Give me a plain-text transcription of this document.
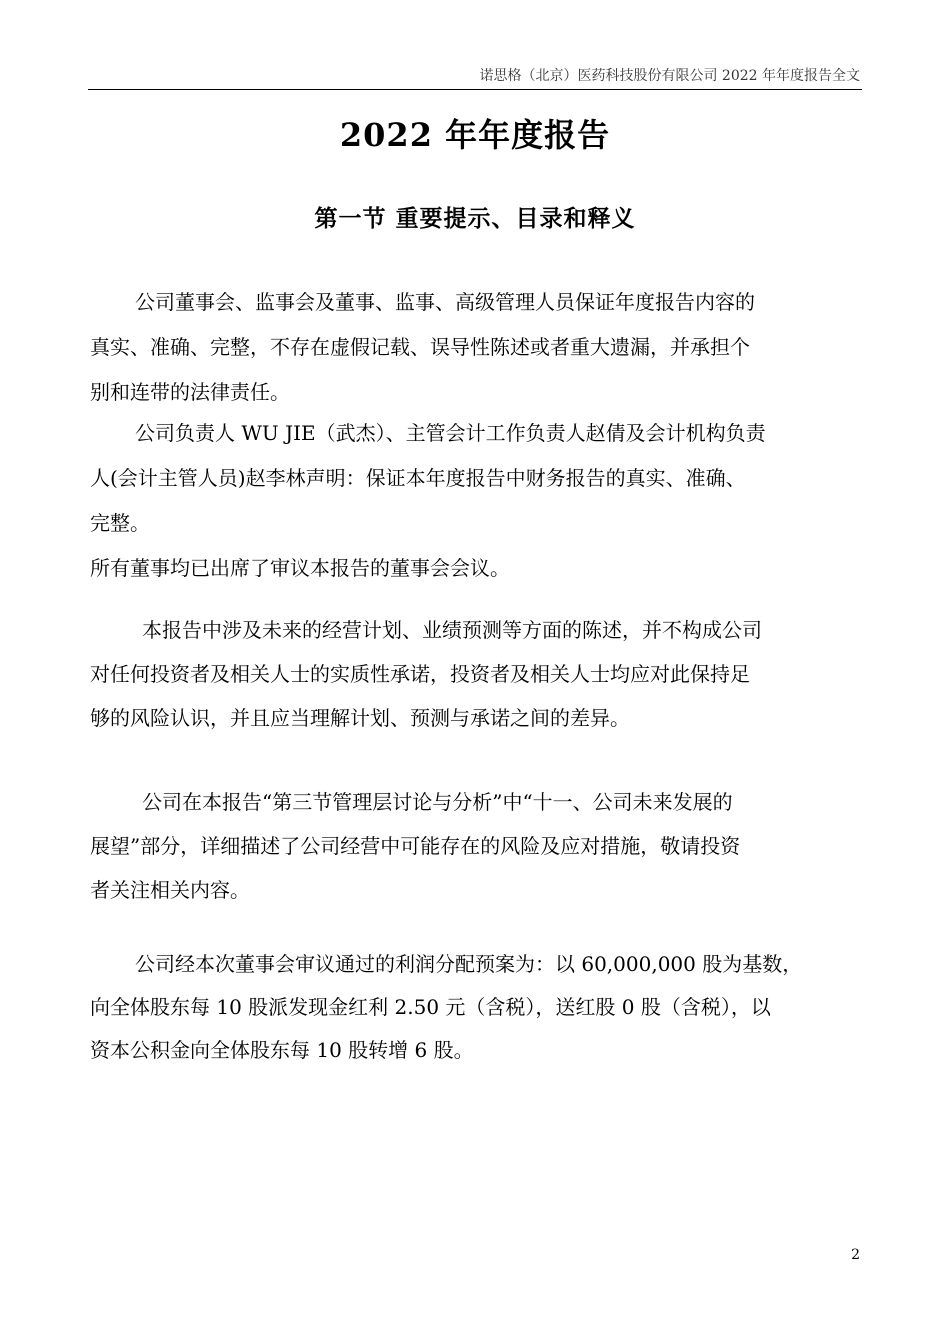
诺思格（北京）医药科技股份有限公司 2022 年年度报告全文
2022 年年度报告
第一节 重要提示、目录和释义

公司董事会、监事会及董事、监事、高级管理人员保证年度报告内容的
真实、准确、完整，不存在虚假记载、误导性陈述或者重大遗漏，并承担个
别和连带的法律责任。

公司负责人 WU JIE（武杰）、主管会计工作负责人赵倩及会计机构负责
人(会计主管人员)赵李林声明：保证本年度报告中财务报告的真实、准确、
完整。

所有董事均已出席了审议本报告的董事会会议。

本报告中涉及未来的经营计划、业绩预测等方面的陈述，并不构成公司
对任何投资者及相关人士的实质性承诺，投资者及相关人士均应对此保持足
够的风险认识，并且应当理解计划、预测与承诺之间的差异。

公司在本报告“第三节管理层讨论与分析”中“十一、公司未来发展的
展望”部分，详细描述了公司经营中可能存在的风险及应对措施，敬请投资
者关注相关内容。

公司经本次董事会审议通过的利润分配预案为：以 60,000,000 股为基数，
向全体股东每 10 股派发现金红利 2.50 元（含税），送红股 0 股（含税），以
资本公积金向全体股东每 10 股转增 6 股。

2
